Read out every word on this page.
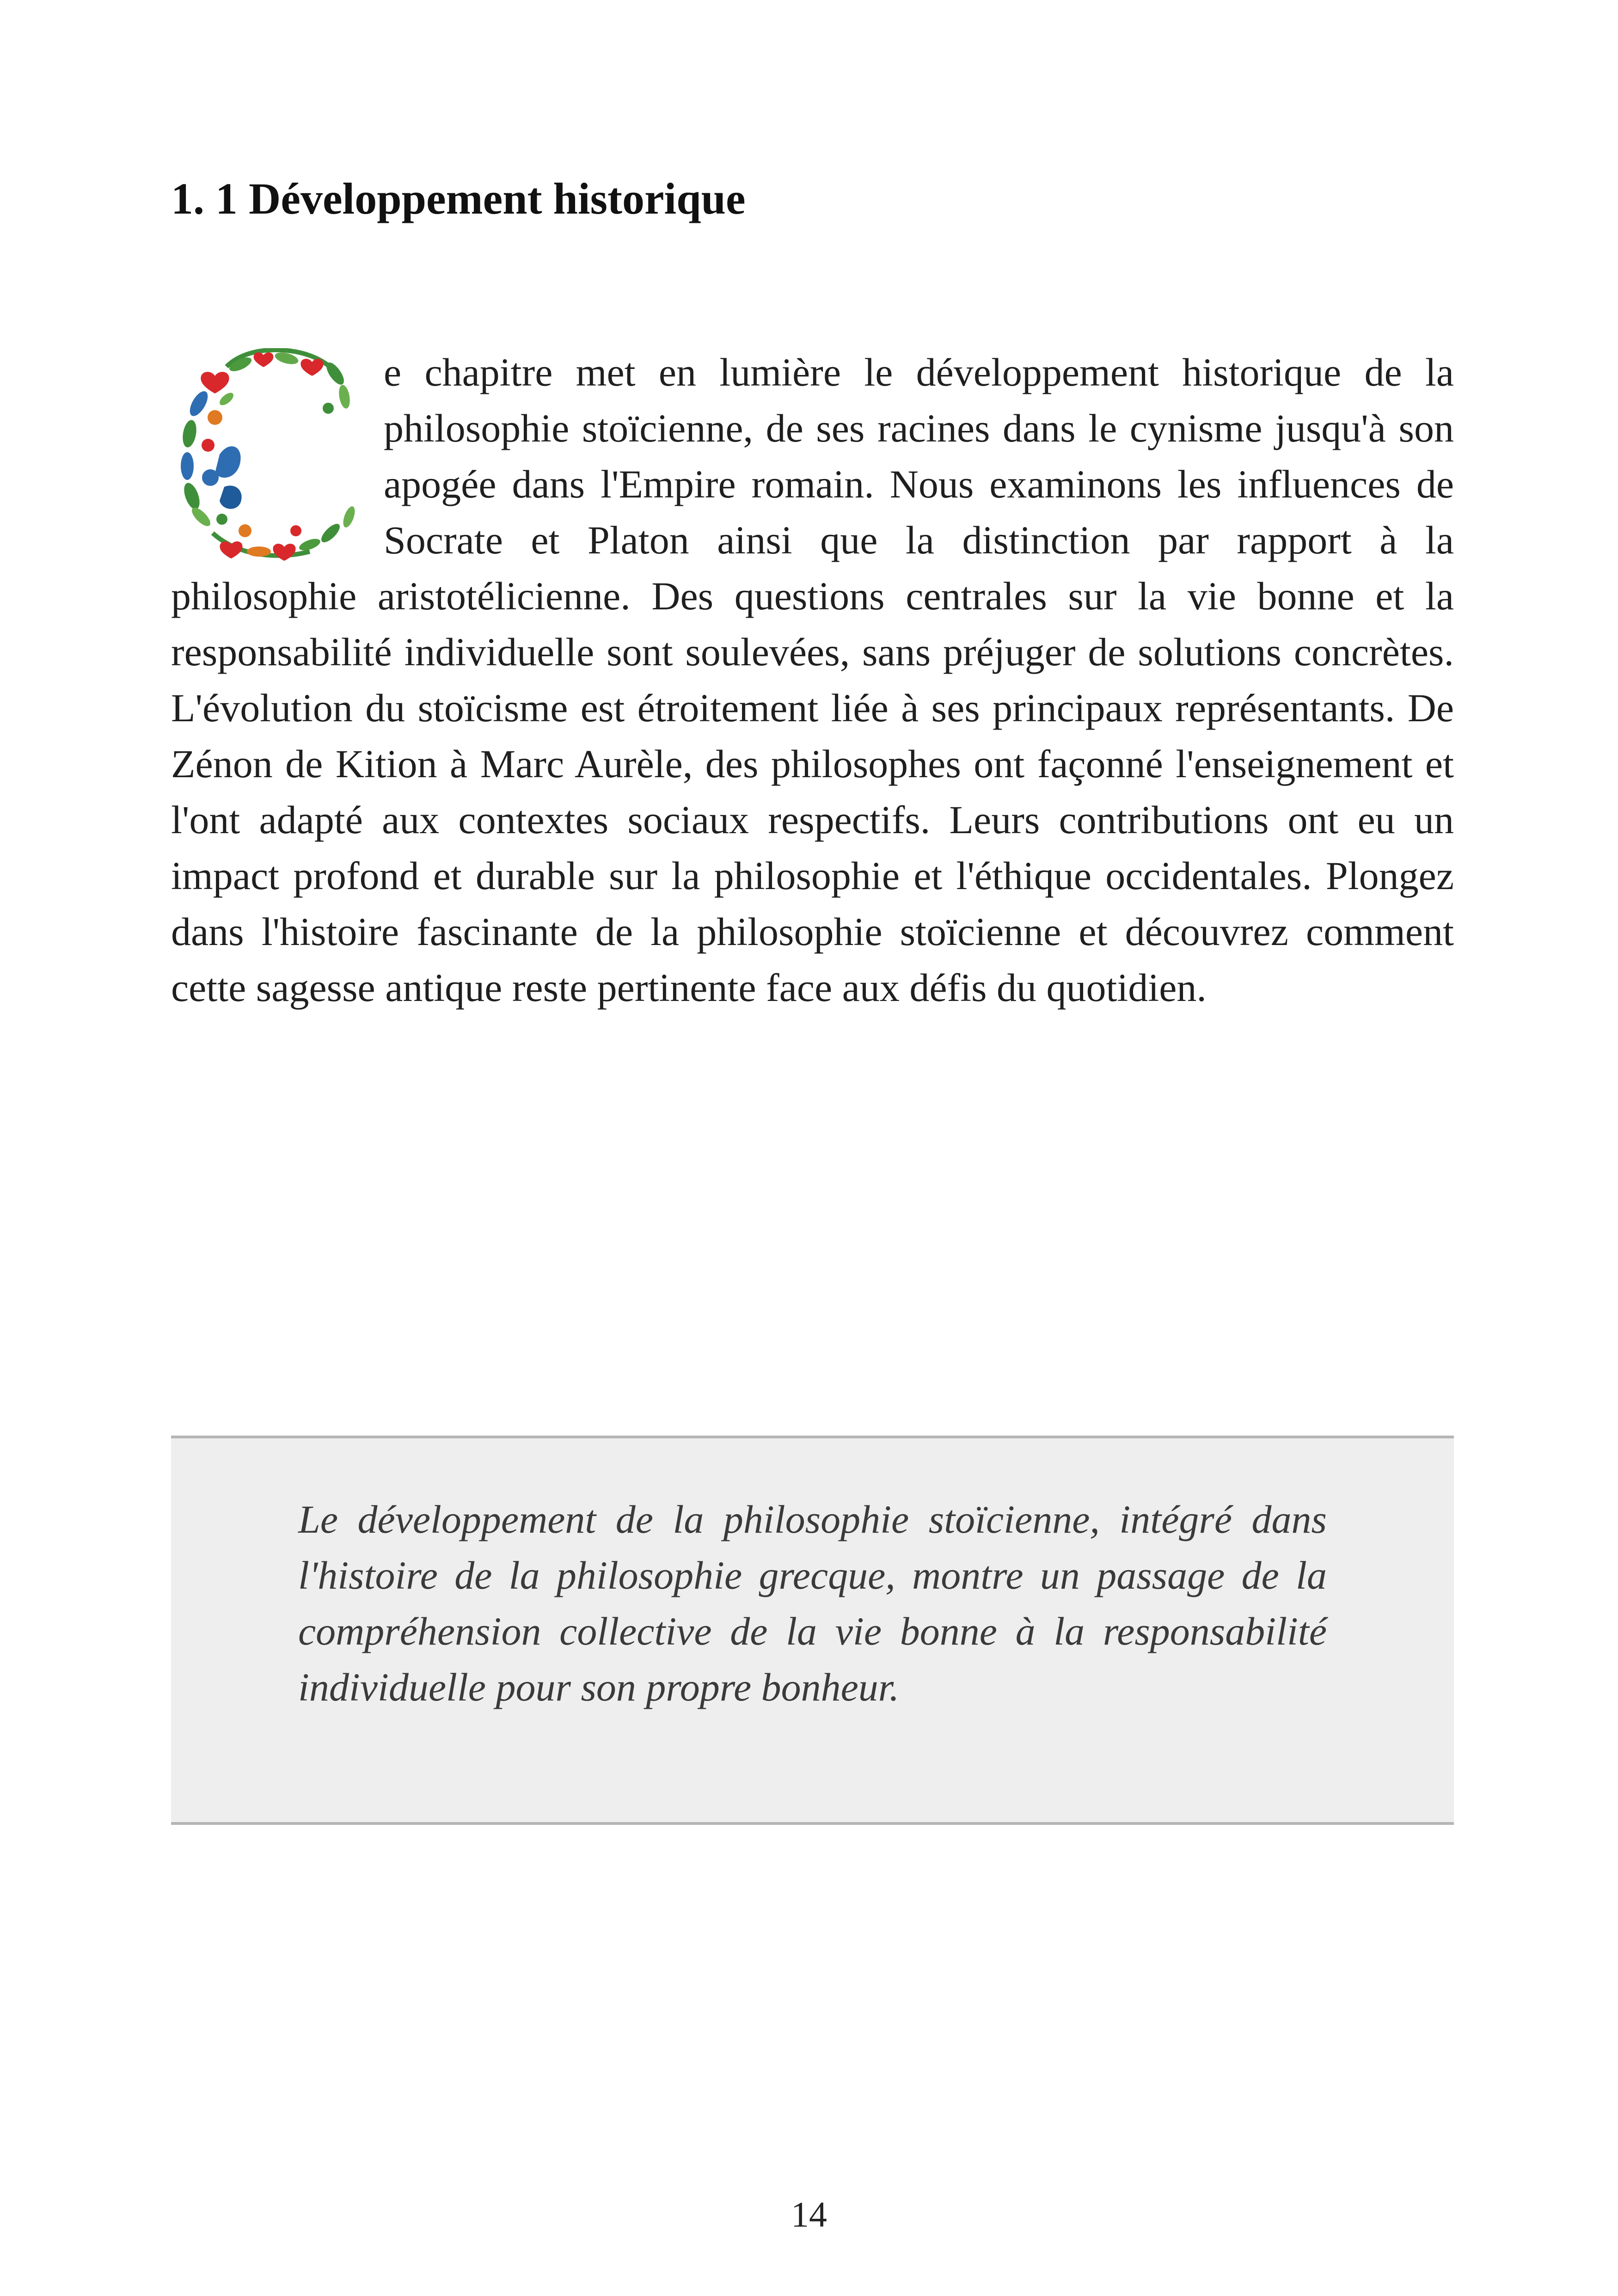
1. 1 Développement historique

e chapitre met en lumière le développement historique de la philosophie stoïcienne, de ses racines dans le cynisme jusqu'à son apogée dans l'Empire romain. Nous examinons les influences de Socrate et Platon ainsi que la distinction par rapport à la philosophie aristotélicienne. Des questions centrales sur la vie bonne et la responsabilité individuelle sont soulevées, sans préjuger de solutions concrètes. L'évolution du stoïcisme est étroitement liée à ses principaux représentants. De Zénon de Kition à Marc Aurèle, des philosophes ont façonné l'enseignement et l'ont adapté aux contextes sociaux respectifs. Leurs contributions ont eu un impact profond et durable sur la philosophie et l'éthique occidentales. Plongez dans l'histoire fascinante de la philosophie stoïcienne et découvrez comment cette sagesse antique reste pertinente face aux défis du quotidien.

Le développement de la philosophie stoïcienne, intégré dans l'histoire de la philosophie grecque, montre un passage de la compréhension collective de la vie bonne à la responsabilité individuelle pour son propre bonheur.

14
